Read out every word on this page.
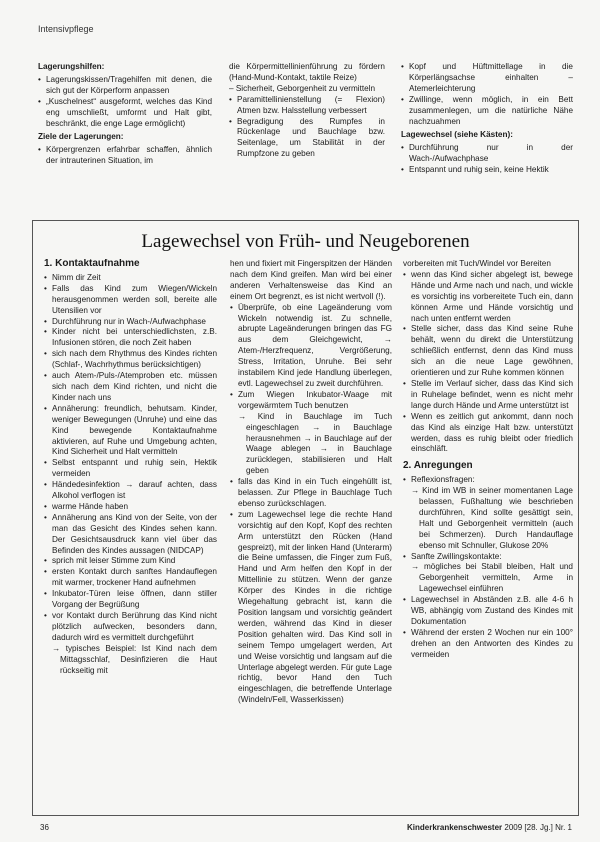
Intensivpflege

Lagerungshilfen:

• Lagerungskissen/Tragehilfen mit denen, die sich gut der Körperform anpassen

• „Kuschelnest“ ausgeformt, welches das Kind eng umschließt, umformt und Halt gibt, beschränkt, die enge Lage ermöglicht)

Ziele der Lagerungen:

• Körpergrenzen erfahrbar schaffen, ähnlich der intrauterinen Situation, im

die Körpermittellinienführung zu fördern (Hand-Mund-Kontakt, taktile Reize)

– Sicherheit, Geborgenheit zu vermitteln

• Paramittellinienstellung (= Flexion) Atmen bzw. Halsstellung verbessert

• Begradigung des Rumpfes in Rückenlage und Bauchlage bzw. Seitenlage, um Stabilität in der Rumpfzone zu geben

• Kopf und Hüftmittellage in die Körperlängsachse einhalten – Atemerleichterung

• Zwillinge, wenn möglich, in ein Bett zusammenlegen, um die natürliche Nähe nachzuahmen

Lagewechsel (siehe Kästen):

• Durchführung nur in der Wach-/Aufwachphase

• Entspannt und ruhig sein, keine Hektik

Lagewechsel von Früh- und Neugeborenen

1. Kontaktaufnahme

• Nimm dir Zeit

• Falls das Kind zum Wiegen/Wickeln herausgenommen werden soll, bereite alle Utensilien vor

• Durchführung nur in Wach-/Aufwachphase

• Kinder nicht bei unterschiedlichsten, z.B. Infusionen stören, die noch Zeit haben

• sich nach dem Rhythmus des Kindes richten (Schlaf-, Wachrhythmus berücksichtigen)

• auch Atem-/Puls-/Atemproben etc. müssen sich nach dem Kind richten, und nicht die Kinder nach uns

• Annäherung: freundlich, behutsam. Kinder, weniger Bewegungen (Unruhe) und eine das Kind bewegende Kontaktaufnahme aktivieren, auf Ruhe und Umgebung achten, Kind Sicherheit und Halt vermitteln

• Selbst entspannt und ruhig sein, Hektik vermeiden

• Händedesinfektion → darauf achten, dass Alkohol verflogen ist

• warme Hände haben

• Annäherung ans Kind von der Seite, von der man das Gesicht des Kindes sehen kann. Der Gesichtsausdruck kann viel über das Befinden des Kindes aussagen (NIDCAP)

• sprich mit leiser Stimme zum Kind

• ersten Kontakt durch sanftes Handauflegen mit warmer, trockener Hand aufnehmen

• Inkubator-Türen leise öffnen, dann stiller Vorgang der Begrüßung

• vor Kontakt durch Berührung das Kind nicht plötzlich aufwecken, besonders dann, dadurch wird es vermittelt durchgeführt

→ typisches Beispiel: Ist Kind nach dem Mittagsschlaf, Desinfizieren die Haut rückseitig mit

hen und fixiert mit Fingerspitzen der Händen nach dem Kind greifen. Man wird bei einer anderen Verhaltensweise das Kind an einem Ort begrenzt, es ist nicht wertvoll (!).

• Überprüfe, ob eine Lageänderung vom Wickeln notwendig ist. Zu schnelle, abrupte Lageänderungen bringen das FG aus dem Gleichgewicht, → Atem-/Herzfrequenz, Vergrößerung, Stress, Irritation, Unruhe. Bei sehr instabilem Kind jede Handlung überlegen, evtl. Lagewechsel zu zweit durchführen.

• Zum Wiegen Inkubator-Waage mit vorgewärmtem Tuch benutzen

→ Kind in Bauchlage im Tuch eingeschlagen → in Bauchlage herausnehmen → in Bauchlage auf der Waage ablegen → in Bauchlage zurücklegen, stabilisieren und Halt geben

• falls das Kind in ein Tuch eingehüllt ist, belassen. Zur Pflege in Bauchlage Tuch ebenso zurückschlagen.

• zum Lagewechsel lege die rechte Hand vorsichtig auf den Kopf, Kopf des rechten Arm unterstützt den Rücken (Hand gespreizt), mit der linken Hand (Unterarm) die Beine umfassen, die Finger zum Fuß, Hand und Arm helfen den Kopf in der Mittellinie zu stützen. Wenn der ganze Körper des Kindes in die richtige Wiegehaltung gebracht ist, kann die Position langsam und vorsichtig geändert werden, während das Kind in dieser Position gehalten wird. Das Kind soll in seinem Tempo umgelagert werden, Art und Weise vorsichtig und langsam auf die Unterlage abgelegt werden. Für gute Lage richtig, bevor Hand den Tuch eingeschlagen, die betreffende Unterlage (Windeln/Fell, Wasserkissen)

vorbereiten mit Tuch/Windel vor Bereiten

• wenn das Kind sicher abgelegt ist, bewege Hände und Arme nach und nach, und wickle es vorsichtig ins vorbereitete Tuch ein, dann können Arme und Hände vorsichtig und nach unten entfernt werden

• Stelle sicher, dass das Kind seine Ruhe behält, wenn du direkt die Unterstützung schließlich entfernst, denn das Kind muss sich an die neue Lage gewöhnen, orientieren und zur Ruhe kommen können

• Stelle im Verlauf sicher, dass das Kind sich in Ruhelage befindet, wenn es nicht mehr lange durch Hände und Arme unterstützt ist

• Wenn es zeitlich gut ankommt, dann noch das Kind als einzige Halt bzw. unterstützt werden, dass es ruhig bleibt oder friedlich einschläft.

2. Anregungen

• Reflexionsfragen:

→ Kind im WB in seiner momentanen Lage belassen, Fußhaltung wie beschrieben durchführen, Kind sollte gesättigt sein, Halt und Geborgenheit vermitteln (auch bei Schmerzen). Durch Handauflage ebenso mit Schnuller, Glukose 20%

• Sanfte Zwillingskontakte:

→ mögliches bei Stabil bleiben, Halt und Geborgenheit vermitteln, Arme in Lagewechsel einführen

• Lagewechsel in Abständen z.B. alle 4-6 h WB, abhängig vom Zustand des Kindes mit Dokumentation

• Während der ersten 2 Wochen nur ein 100° drehen an den Antworten des Kindes zu vermeiden

36	Kinderkrankenschwester 2009 [28. Jg.] Nr. 1
